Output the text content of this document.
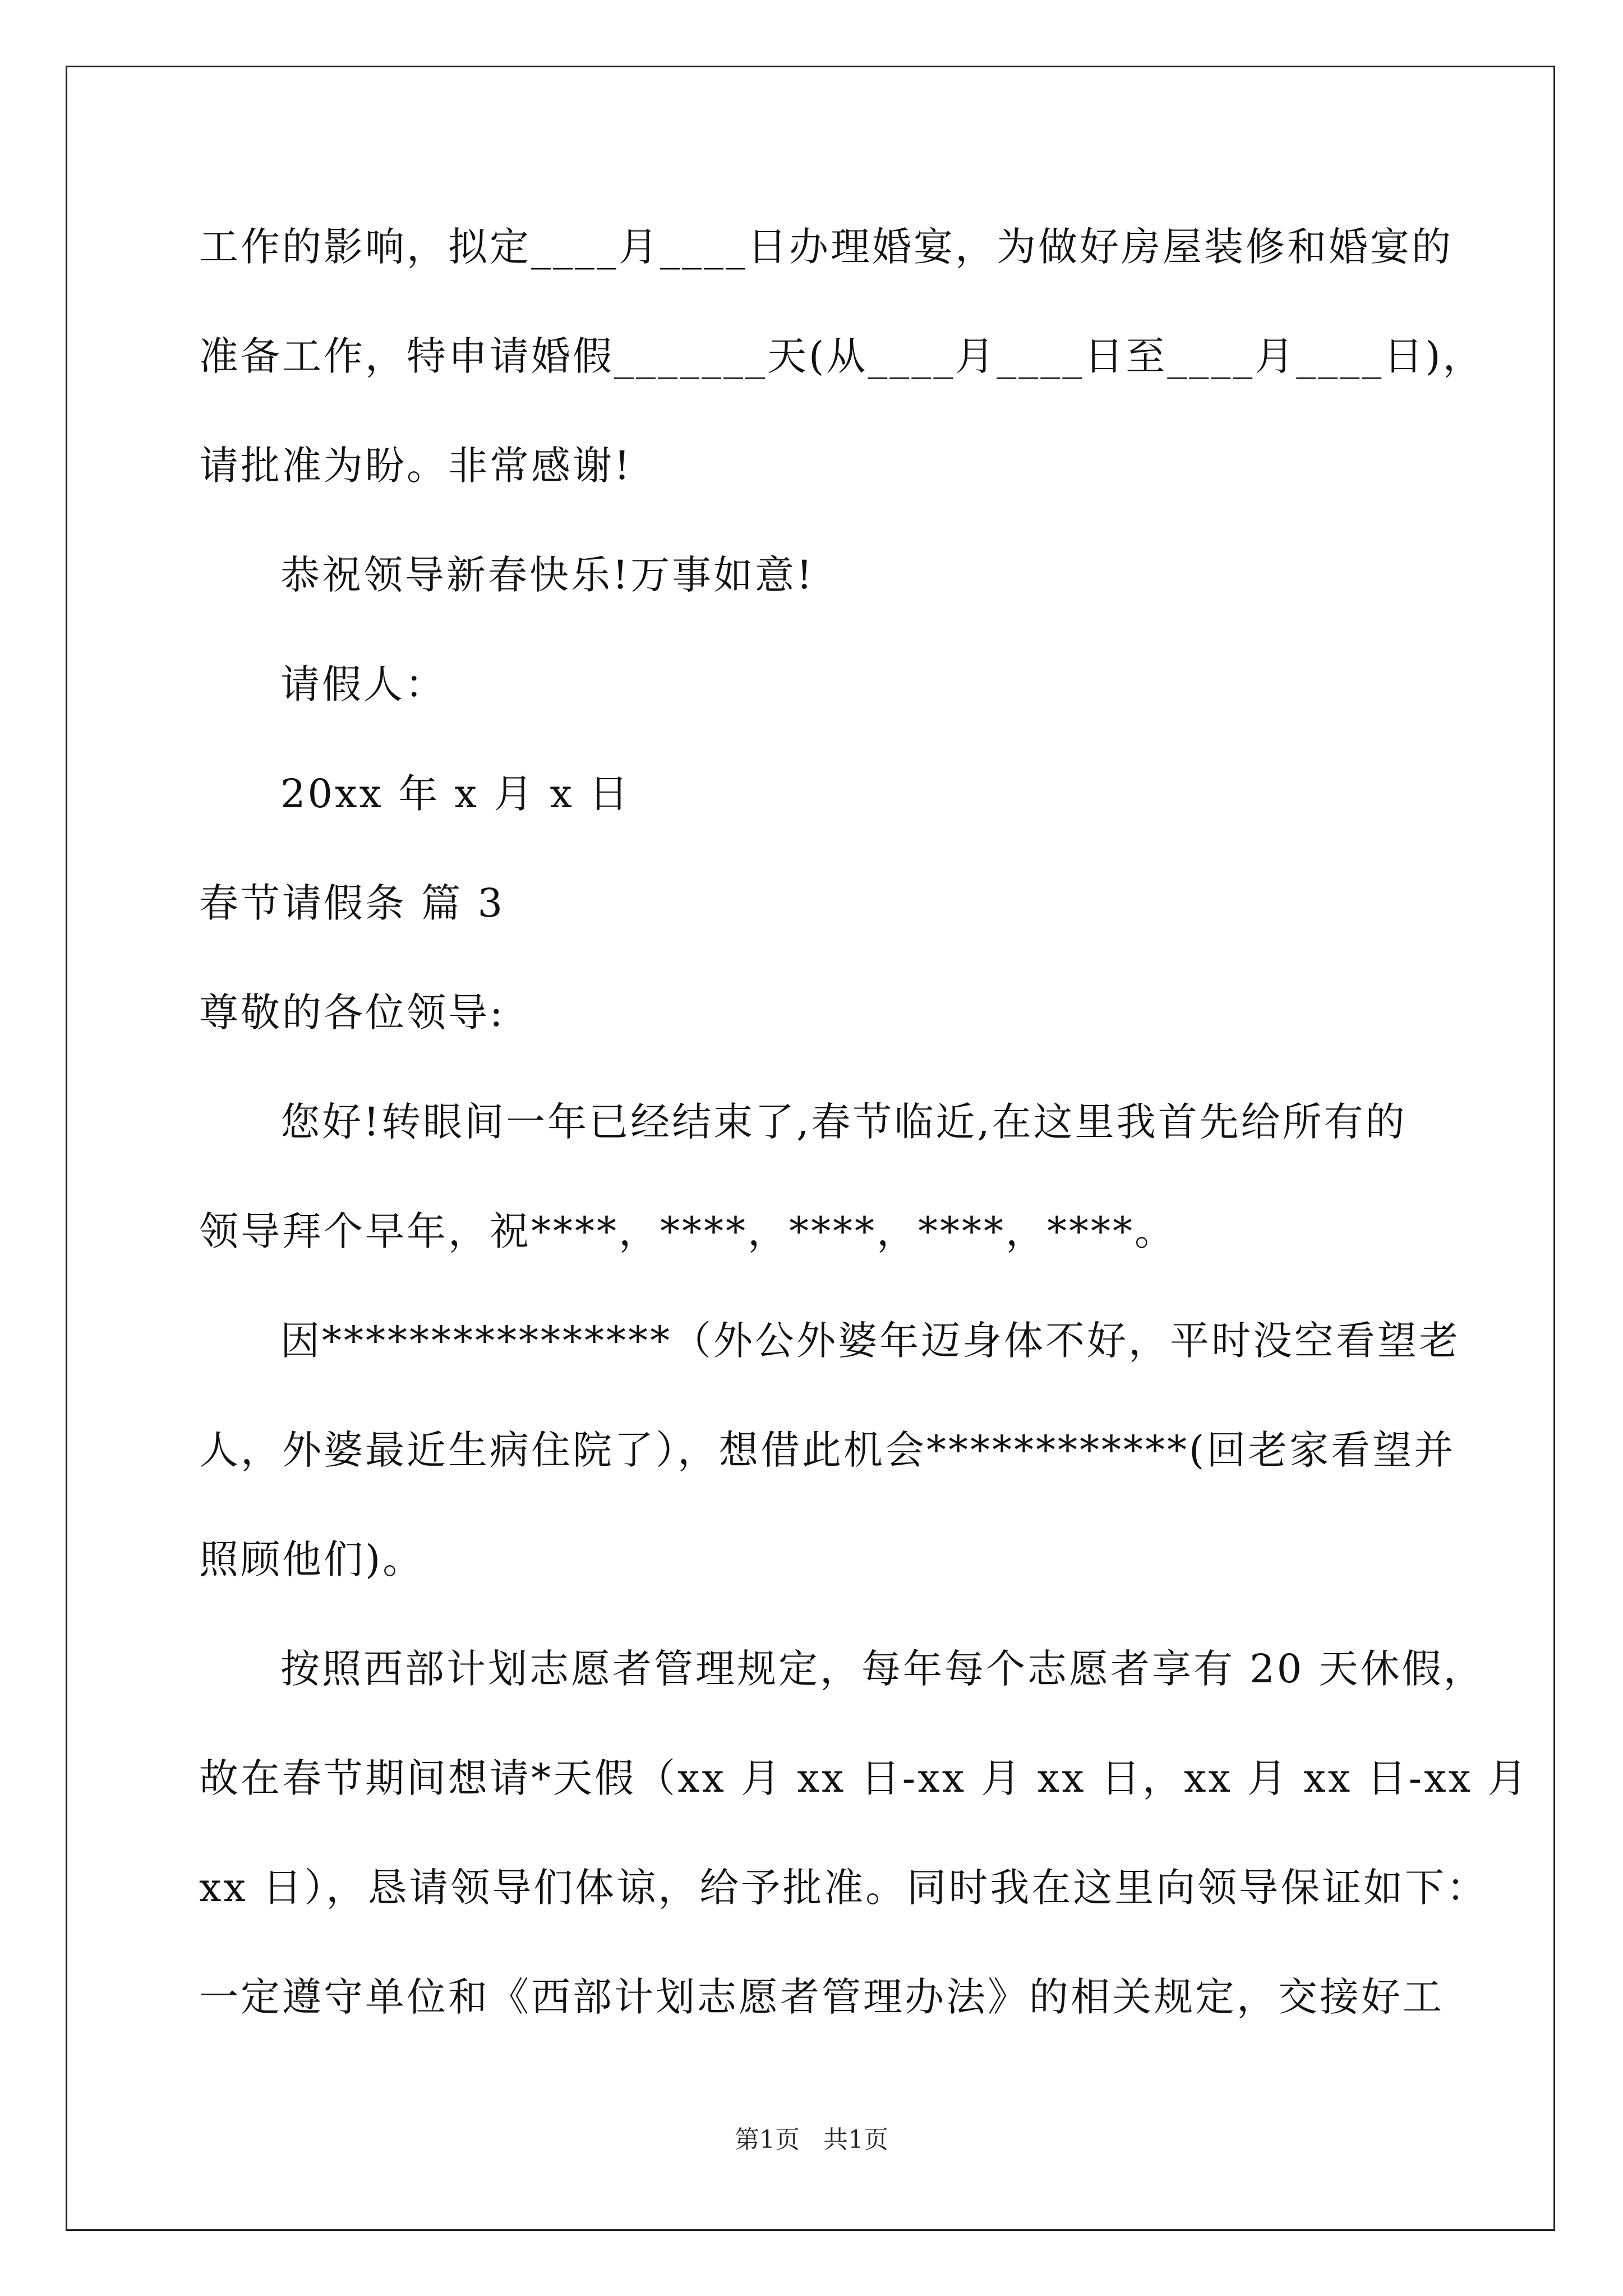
工作的影响，拟定____月____日办理婚宴，为做好房屋装修和婚宴的
准备工作，特申请婚假_______天(从____月____日至____月____日)，
请批准为盼。非常感谢!
恭祝领导新春快乐!万事如意!
请假人：
20xx 年 x 月 x 日
春节请假条 篇 3
尊敬的各位领导:
您好!转眼间一年已经结束了,春节临近,在这里我首先给所有的
领导拜个早年，祝****，****，****，****，****。
因****************（外公外婆年迈身体不好，平时没空看望老
人，外婆最近生病住院了），想借此机会************(回老家看望并
照顾他们)。
按照西部计划志愿者管理规定，每年每个志愿者享有 20 天休假，
故在春节期间想请*天假（xx 月 xx 日-xx 月 xx 日，xx 月 xx 日-xx 月
xx 日），恳请领导们体谅，给予批准。同时我在这里向领导保证如下：
一定遵守单位和《西部计划志愿者管理办法》的相关规定，交接好工
第1页 共1页
